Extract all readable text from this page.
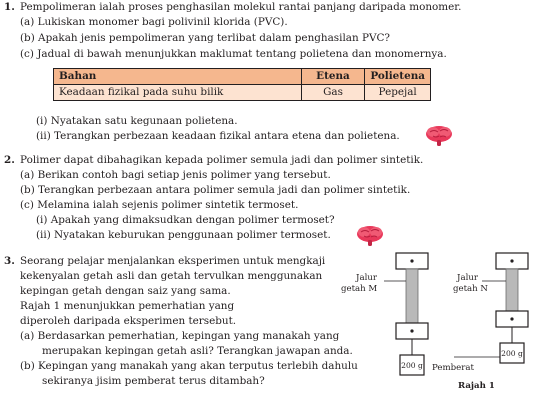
1. Pempolimeran ialah proses penghasilan molekul rantai panjang daripada monomer.
(a) Lukiskan monomer bagi polivinil klorida (PVC).
(b) Apakah jenis pempolimeran yang terlibat dalam penghasilan PVC?
(c) Jadual di bawah menunjukkan maklumat tentang polietena dan monomernya.
Bahan	Etena	Polietena
Keadaan fizikal pada suhu bilik	Gas	Pepejal
(i) Nyatakan satu kegunaan polietena.
(ii) Terangkan perbezaan keadaan fizikal antara etena dan polietena.
2. Polimer dapat dibahagikan kepada polimer semula jadi dan polimer sintetik.
(a) Berikan contoh bagi setiap jenis polimer yang tersebut.
(b) Terangkan perbezaan antara polimer semula jadi dan polimer sintetik.
(c) Melamina ialah sejenis polimer sintetik termoset.
(i) Apakah yang dimaksudkan dengan polimer termoset?
(ii) Nyatakan keburukan penggunaan polimer termoset.
3. Seorang pelajar menjalankan eksperimen untuk mengkaji
kekenyalan getah asli dan getah tervulkan menggunakan
kepingan getah dengan saiz yang sama.
Rajah 1 menunjukkan pemerhatian yang
diperoleh daripada eksperimen tersebut.
(a) Berdasarkan pemerhatian, kepingan yang manakah yang
merupakan kepingan getah asli? Terangkan jawapan anda.
(b) Kepingan yang manakah yang akan terputus terlebih dahulu
sekiranya jisim pemberat terus ditambah?
Jalur
getah M
Jalur
getah N
200 g
200 g
Pemberat
Rajah 1
